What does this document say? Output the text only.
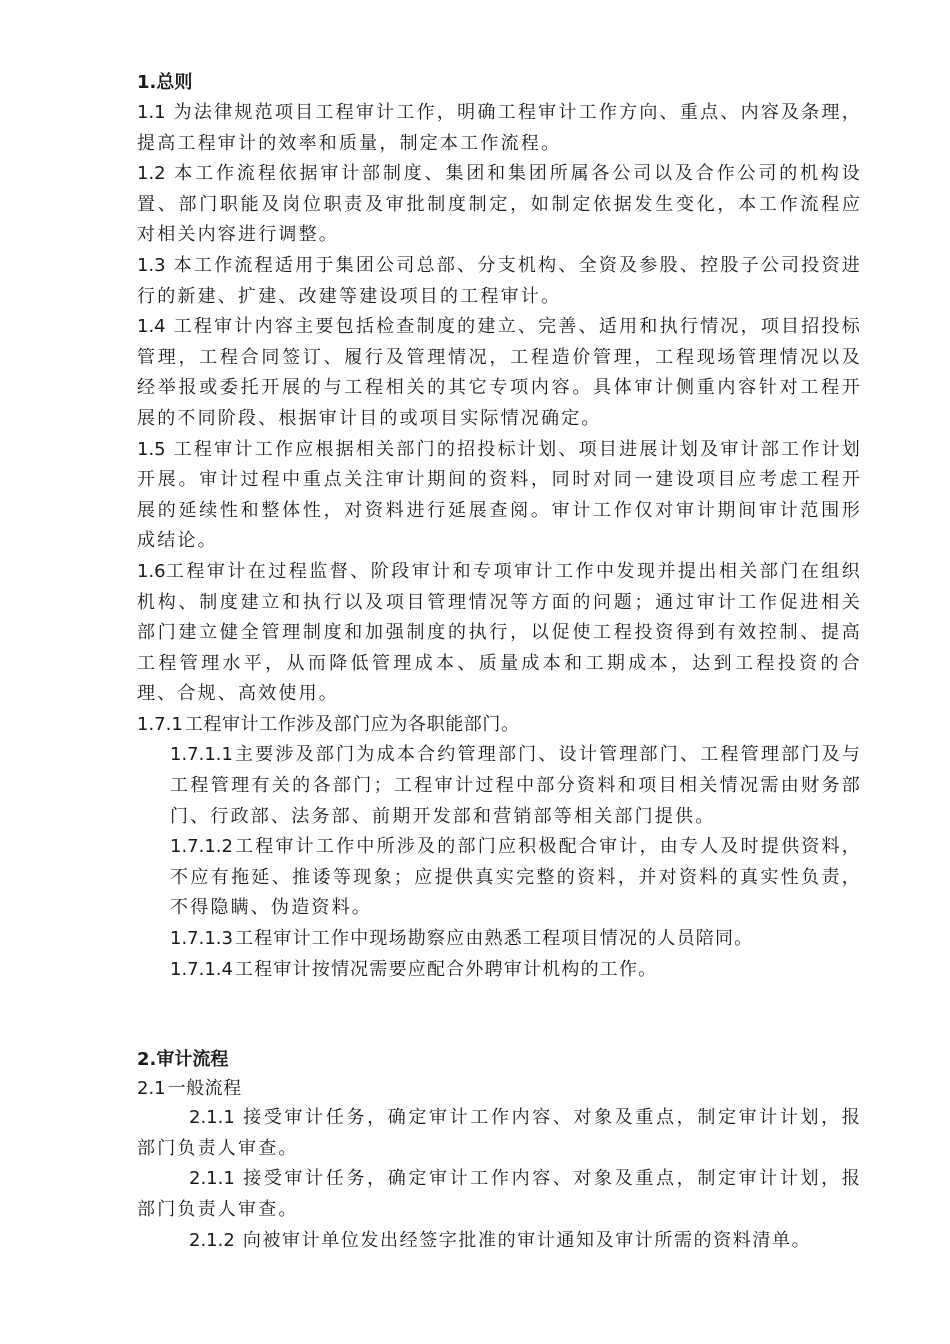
1.总则

1.1 为法律规范项目工程审计工作，明确工程审计工作方向、重点、内容及条理，提高工程审计的效率和质量，制定本工作流程。

1.2 本工作流程依据审计部制度、集团和集团所属各公司以及合作公司的机构设置、部门职能及岗位职责及审批制度制定，如制定依据发生变化，本工作流程应对相关内容进行调整。

1.3 本工作流程适用于集团公司总部、分支机构、全资及参股、控股子公司投资进行的新建、扩建、改建等建设项目的工程审计。

1.4 工程审计内容主要包括检查制度的建立、完善、适用和执行情况，项目招投标管理，工程合同签订、履行及管理情况，工程造价管理，工程现场管理情况以及经举报或委托开展的与工程相关的其它专项内容。具体审计侧重内容针对工程开展的不同阶段、根据审计目的或项目实际情况确定。

1.5 工程审计工作应根据相关部门的招投标计划、项目进展计划及审计部工作计划开展。审计过程中重点关注审计期间的资料，同时对同一建设项目应考虑工程开展的延续性和整体性，对资料进行延展查阅。审计工作仅对审计期间审计范围形成结论。

1.6工程审计在过程监督、阶段审计和专项审计工作中发现并提出相关部门在组织机构、制度建立和执行以及项目管理情况等方面的问题；通过审计工作促进相关部门建立健全管理制度和加强制度的执行，以促使工程投资得到有效控制、提高工程管理水平，从而降低管理成本、质量成本和工期成本，达到工程投资的合理、合规、高效使用。

1.7.1 工程审计工作涉及部门应为各职能部门。

1.7.1.1 主要涉及部门为成本合约管理部门、设计管理部门、工程管理部门及与工程管理有关的各部门；工程审计过程中部分资料和项目相关情况需由财务部门、行政部、法务部、前期开发部和营销部等相关部门提供。

1.7.1.2 工程审计工作中所涉及的部门应积极配合审计，由专人及时提供资料，不应有拖延、推诿等现象；应提供真实完整的资料，并对资料的真实性负责，不得隐瞒、伪造资料。

1.7.1.3 工程审计工作中现场勘察应由熟悉工程项目情况的人员陪同。

1.7.1.4 工程审计按情况需要应配合外聘审计机构的工作。

2.审计流程

2.1 一般流程

2.1.1 接受审计任务，确定审计工作内容、对象及重点，制定审计计划，报部门负责人审查。

2.1.1 接受审计任务，确定审计工作内容、对象及重点，制定审计计划，报部门负责人审查。

2.1.2 向被审计单位发出经签字批准的审计通知及审计所需的资料清单。
